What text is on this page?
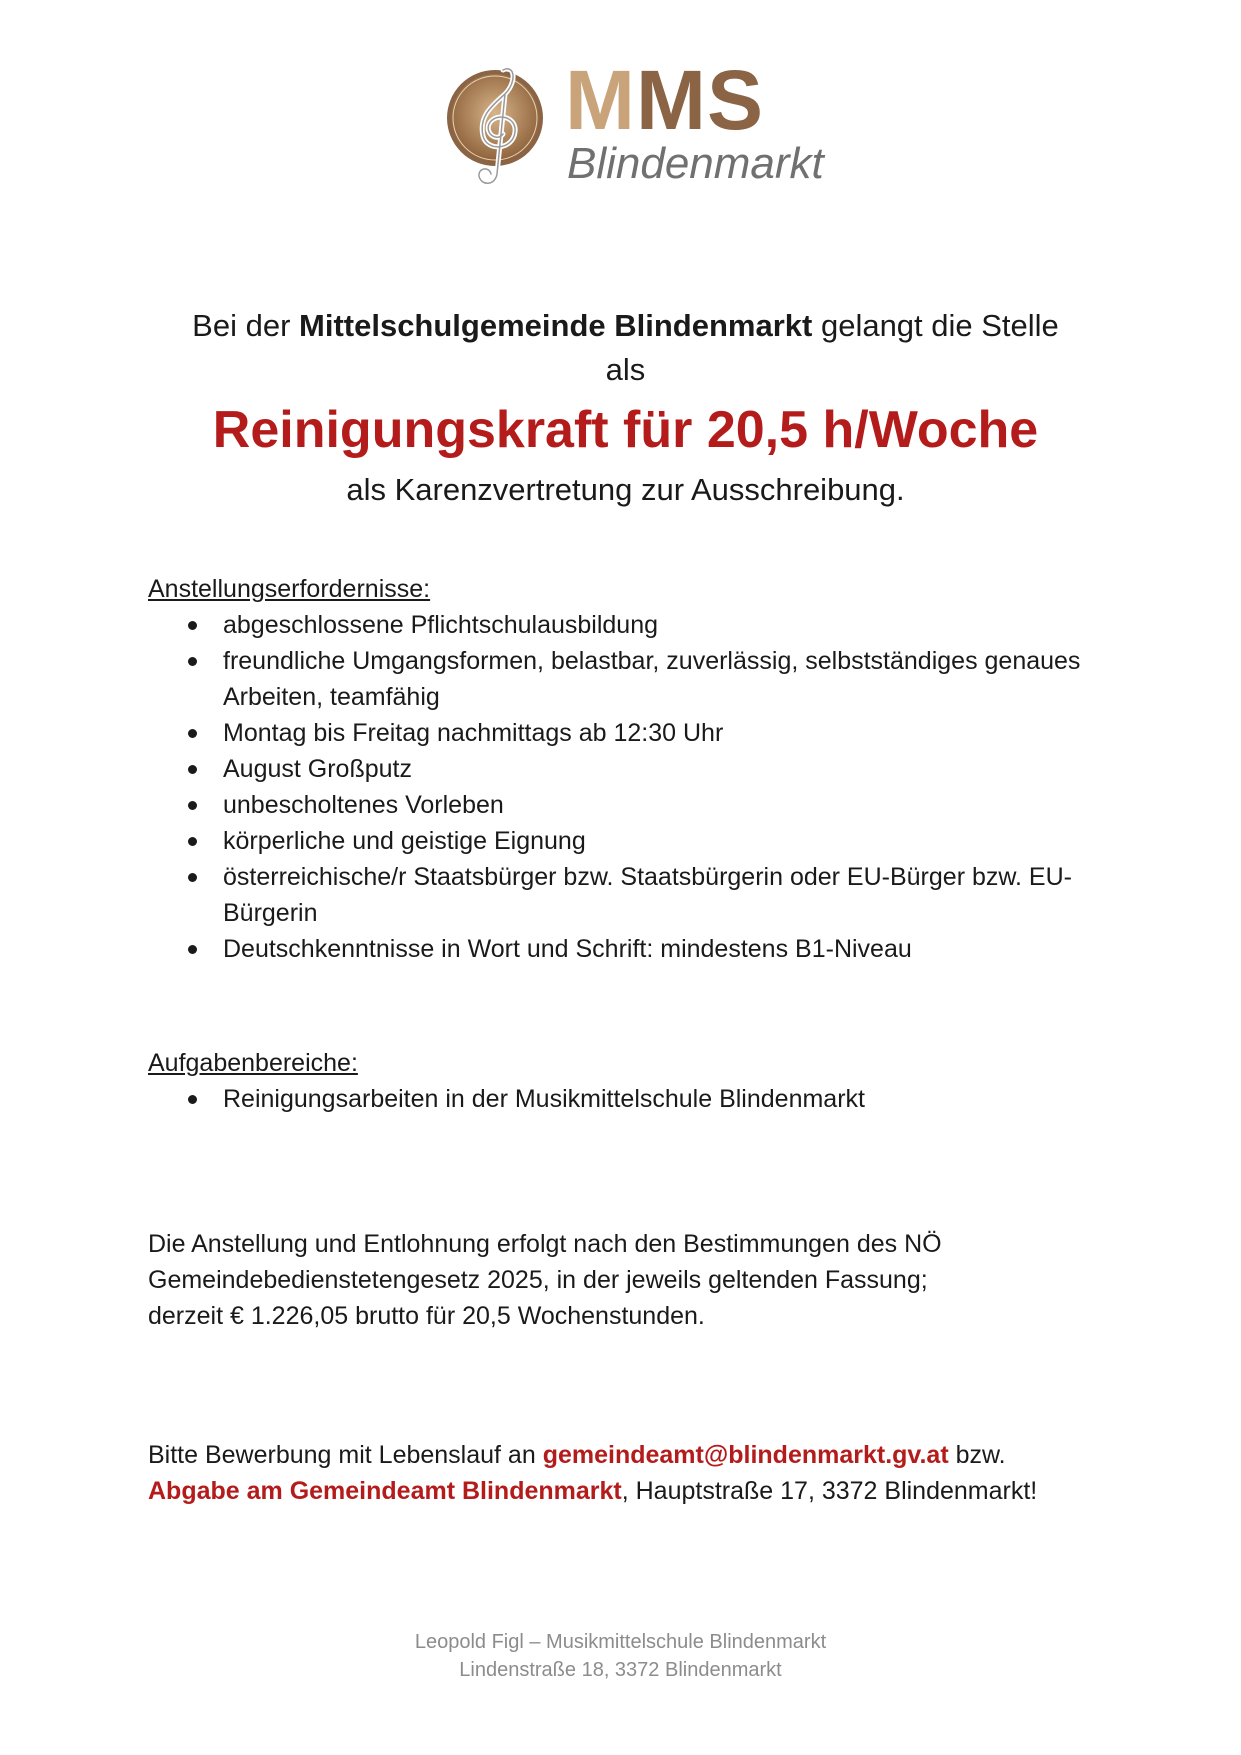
MMS
Blindenmarkt
Bei der Mittelschulgemeinde Blindenmarkt gelangt die Stelle
als
Reinigungskraft für 20,5 h/Woche
als Karenzvertretung zur Ausschreibung.
Anstellungserfordernisse:
abgeschlossene Pflichtschulausbildung
freundliche Umgangsformen, belastbar, zuverlässig, selbstständiges genaues Arbeiten, teamfähig
Montag bis Freitag nachmittags ab 12:30 Uhr
August Großputz
unbescholtenes Vorleben
körperliche und geistige Eignung
österreichische/r Staatsbürger bzw. Staatsbürgerin oder EU-Bürger bzw. EU-Bürgerin
Deutschkenntnisse in Wort und Schrift: mindestens B1-Niveau
Aufgabenbereiche:
Reinigungsarbeiten in der Musikmittelschule Blindenmarkt
Die Anstellung und Entlohnung erfolgt nach den Bestimmungen des NÖ
Gemeindebedienstetengesetz 2025, in der jeweils geltenden Fassung;
derzeit € 1.226,05 brutto für 20,5 Wochenstunden.
Bitte Bewerbung mit Lebenslauf an gemeindeamt@blindenmarkt.gv.at bzw.
Abgabe am Gemeindeamt Blindenmarkt, Hauptstraße 17, 3372 Blindenmarkt!
Leopold Figl – Musikmittelschule Blindenmarkt
Lindenstraße 18, 3372 Blindenmarkt
